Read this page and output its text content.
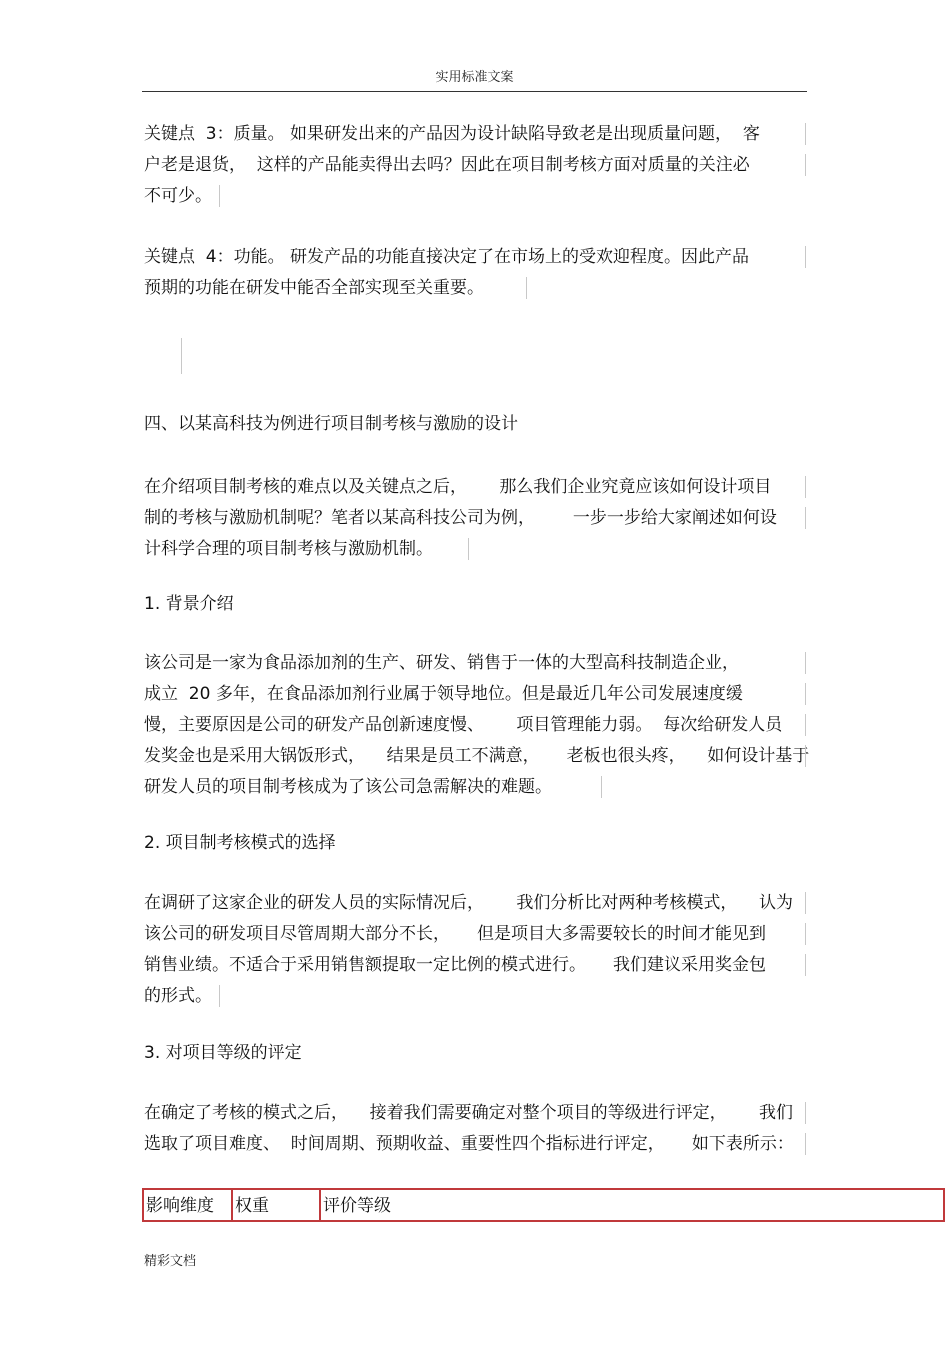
实用标准文案
关键点  3：质量。 如果研发出来的产品因为设计缺陷导致老是出现质量问题，  客
户老是退货，  这样的产品能卖得出去吗？因此在项目制考核方面对质量的关注必
不可少。
关键点  4：功能。 研发产品的功能直接决定了在市场上的受欢迎程度。因此产品
预期的功能在研发中能否全部实现至关重要。
四、以某高科技为例进行项目制考核与激励的设计
在介绍项目制考核的难点以及关键点之后，      那么我们企业究竟应该如何设计项目
制的考核与激励机制呢？笔者以某高科技公司为例，       一步一步给大家阐述如何设
计科学合理的项目制考核与激励机制。
1. 背景介绍
该公司是一家为食品添加剂的生产、研发、销售于一体的大型高科技制造企业，
成立  20 多年，在食品添加剂行业属于领导地位。但是最近几年公司发展速度缓
慢，主要原因是公司的研发产品创新速度慢、      项目管理能力弱。  每次给研发人员
发奖金也是采用大锅饭形式，    结果是员工不满意，     老板也很头疼，    如何设计基于
研发人员的项目制考核成为了该公司急需解决的难题。
2. 项目制考核模式的选择
在调研了这家企业的研发人员的实际情况后，      我们分析比对两种考核模式，    认为
该公司的研发项目尽管周期大部分不长，     但是项目大多需要较长的时间才能见到
销售业绩。不适合于采用销售额提取一定比例的模式进行。     我们建议采用奖金包
的形式。
3. 对项目等级的评定
在确定了考核的模式之后，    接着我们需要确定对整个项目的等级进行评定，      我们
选取了项目难度、  时间周期、预期收益、重要性四个指标进行评定，     如下表所示：
影响维度	权重	评价等级
精彩文档
